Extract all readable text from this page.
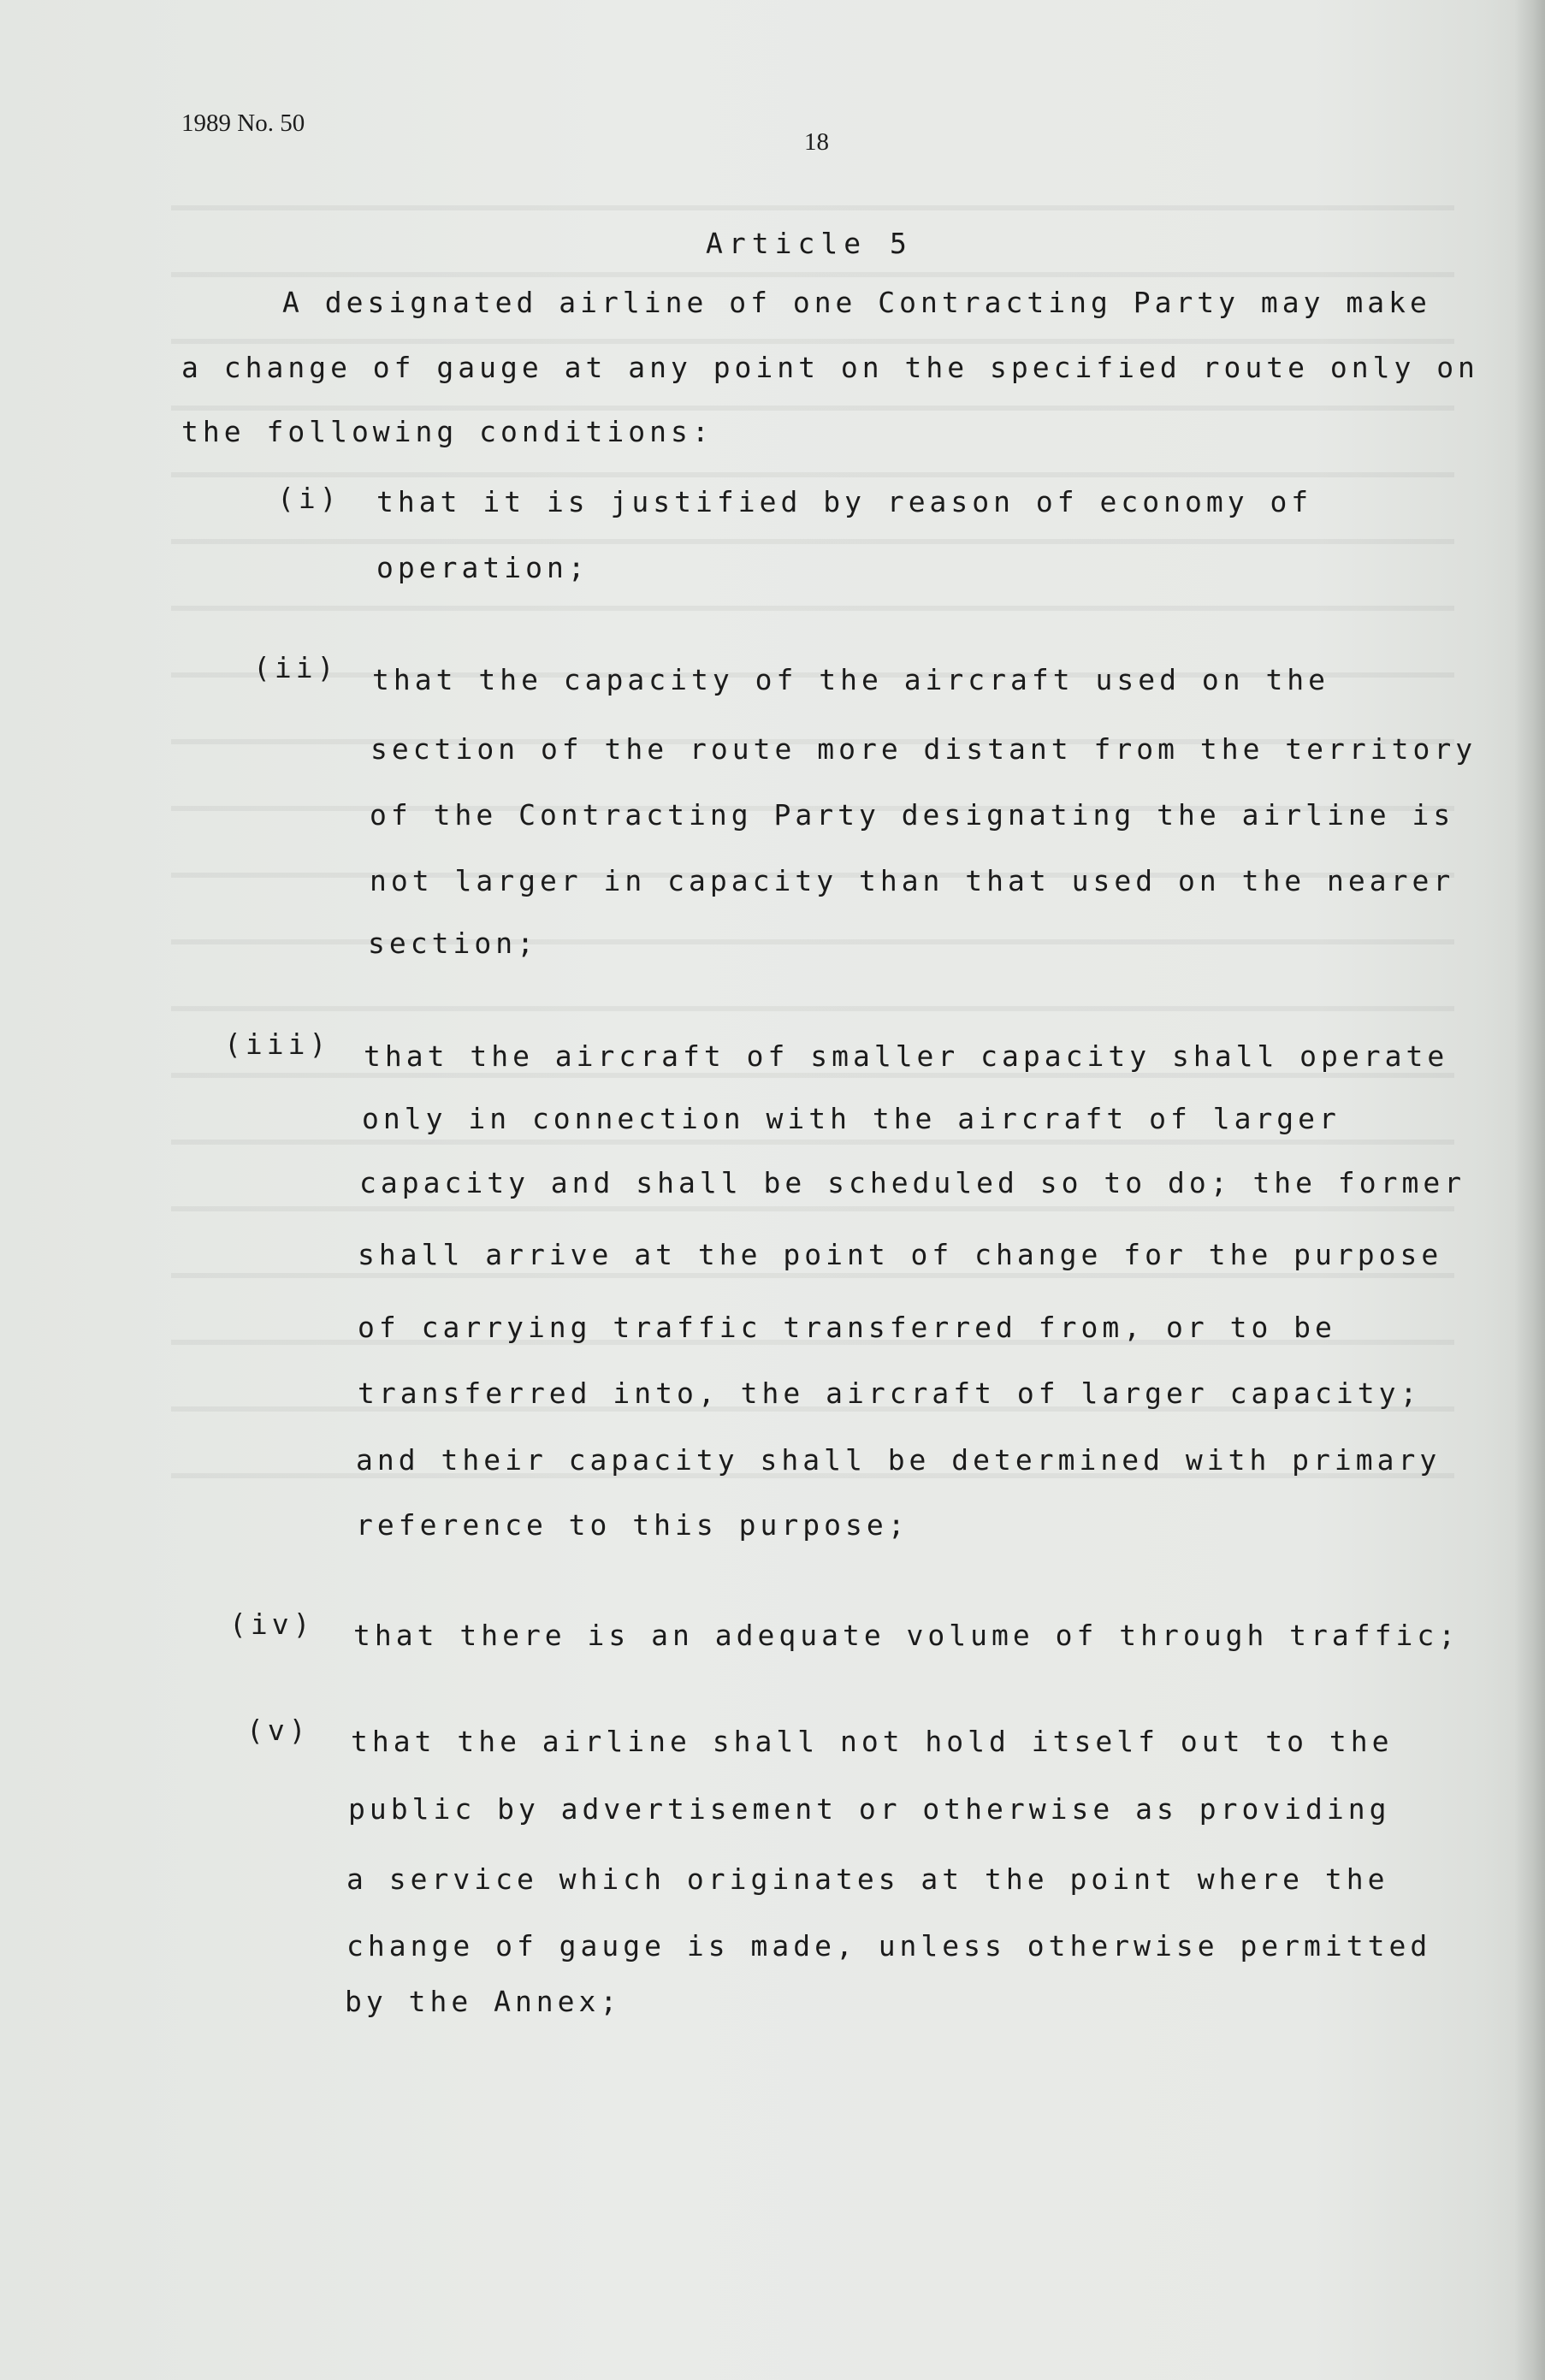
1989 No. 50
18
Article 5
A designated airline of one Contracting Party may make
a change of gauge at any point on the specified route only on
the following conditions:
(i) that it is justified by reason of economy of
operation;
(ii) that the capacity of the aircraft used on the
section of the route more distant from the territory
of the Contracting Party designating the airline is
not larger in capacity than that used on the nearer
section;
(iii) that the aircraft of smaller capacity shall operate
only in connection with the aircraft of larger
capacity and shall be scheduled so to do; the former
shall arrive at the point of change for the purpose
of carrying traffic transferred from, or to be
transferred into, the aircraft of larger capacity;
and their capacity shall be determined with primary
reference to this purpose;
(iv) that there is an adequate volume of through traffic;
(v) that the airline shall not hold itself out to the
public by advertisement or otherwise as providing
a service which originates at the point where the
change of gauge is made, unless otherwise permitted
by the Annex;
